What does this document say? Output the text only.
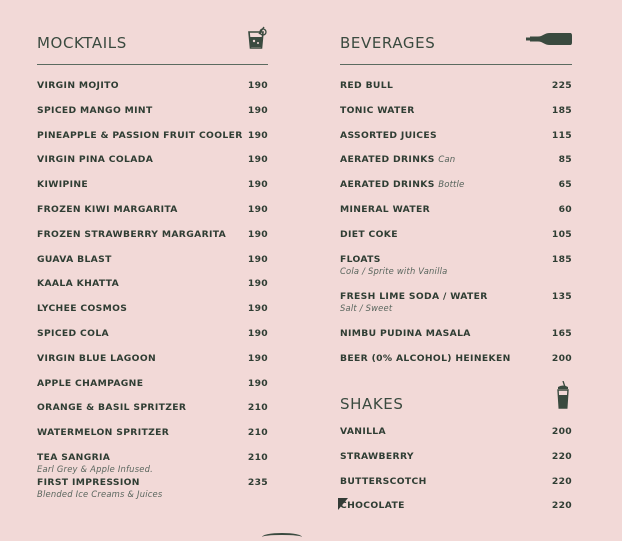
MOCKTAILS
VIRGIN MOJITO	190
SPICED MANGO MINT	190
PINEAPPLE & PASSION FRUIT COOLER 190
VIRGIN PINA COLADA	190
KIWIPINE	190
FROZEN KIWI MARGARITA	190
FROZEN STRAWBERRY MARGARITA 190
GUAVA BLAST	190
KAALA KHATTA	190
LYCHEE COSMOS	190
SPICED COLA	190
VIRGIN BLUE LAGOON	190
APPLE CHAMPAGNE	190
ORANGE & BASIL SPRITZER	210
WATERMELON SPRITZER	210
TEA SANGRIA	210
Earl Grey & Apple Infused.
FIRST IMPRESSION	235
Blended Ice Creams & Juices
BEVERAGES
SHAKES
RED BULL	225
TONIC WATER	185
ASSORTED JUICES	115
AERATED DRINKS Can	85
AERATED DRINKS Bottle	65
MINERAL WATER	60
DIET COKE	105
FLOATS	185
Cola / Sprite with Vanilla
FRESH LIME SODA / WATER	135
Salt / Sweet
NIMBU PUDINA MASALA	165
BEER (0% ALCOHOL) HEINEKEN	200
VANILLA	200
STRAWBERRY	220
BUTTERSCOTCH	220
CHOCOLATE	220
